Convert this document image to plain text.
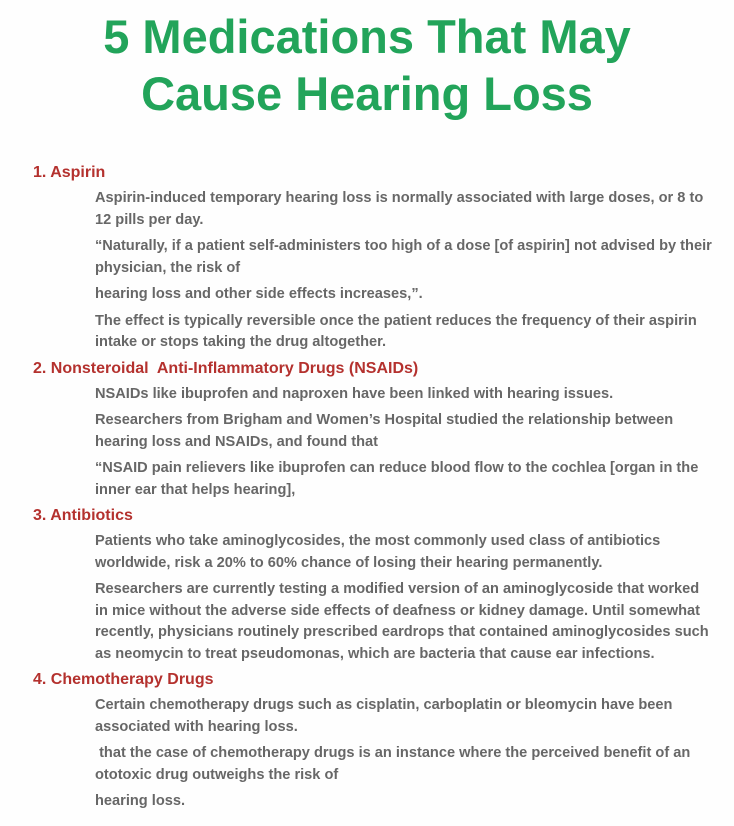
5 Medications That May
Cause Hearing Loss
1. Aspirin

Aspirin-induced temporary hearing loss is normally associated with large doses, or 8 to 12 pills per day.

“Naturally, if a patient self-administers too high of a dose [of aspirin] not advised by their physician, the risk of

hearing loss and other side effects increases,”.

The effect is typically reversible once the patient reduces the frequency of their aspirin intake or stops taking the drug altogether.

2. Nonsteroidal  Anti-Inflammatory Drugs (NSAIDs)

NSAIDs like ibuprofen and naproxen have been linked with hearing issues.

Researchers from Brigham and Women’s Hospital studied the relationship between hearing loss and NSAIDs, and found that

“NSAID pain relievers like ibuprofen can reduce blood flow to the cochlea [organ in the inner ear that helps hearing],

3. Antibiotics

Patients who take aminoglycosides, the most commonly used class of antibiotics worldwide, risk a 20% to 60% chance of losing their hearing permanently.

Researchers are currently testing a modified version of an aminoglycoside that worked in mice without the adverse side effects of deafness or kidney damage. Until somewhat recently, physicians routinely prescribed eardrops that contained aminoglycosides such as neomycin to treat pseudomonas, which are bacteria that cause ear infections.

4. Chemotherapy Drugs

Certain chemotherapy drugs such as cisplatin, carboplatin or bleomycin have been associated with hearing loss.

that the case of chemotherapy drugs is an instance where the perceived benefit of an ototoxic drug outweighs the risk of

hearing loss.
